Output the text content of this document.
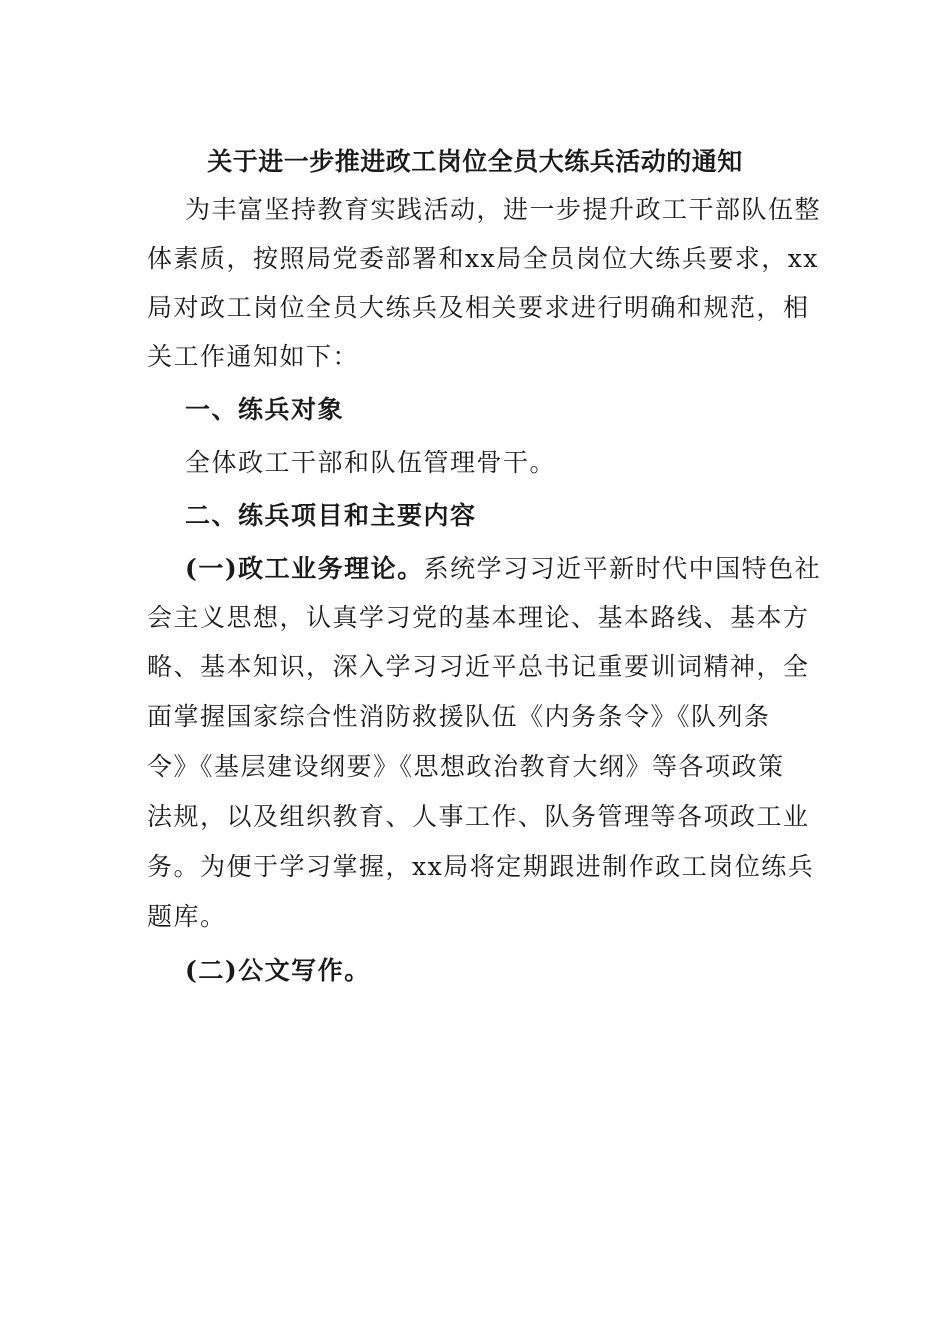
关于进一步推进政工岗位全员大练兵活动的通知
为丰富坚持教育实践活动，进一步提升政工干部队伍整
体素质，按照局党委部署和xx局全员岗位大练兵要求，xx
局对政工岗位全员大练兵及相关要求进行明确和规范，相
关工作通知如下：
一、练兵对象
全体政工干部和队伍管理骨干。
二、练兵项目和主要内容
(一)政工业务理论。系统学习习近平新时代中国特色社
会主义思想，认真学习党的基本理论、基本路线、基本方
略、基本知识，深入学习习近平总书记重要训词精神，全
面掌握国家综合性消防救援队伍《内务条令》《队列条
令》《基层建设纲要》《思想政治教育大纲》等各项政策
法规，以及组织教育、人事工作、队务管理等各项政工业
务。为便于学习掌握，xx局将定期跟进制作政工岗位练兵
题库。
(二)公文写作。
